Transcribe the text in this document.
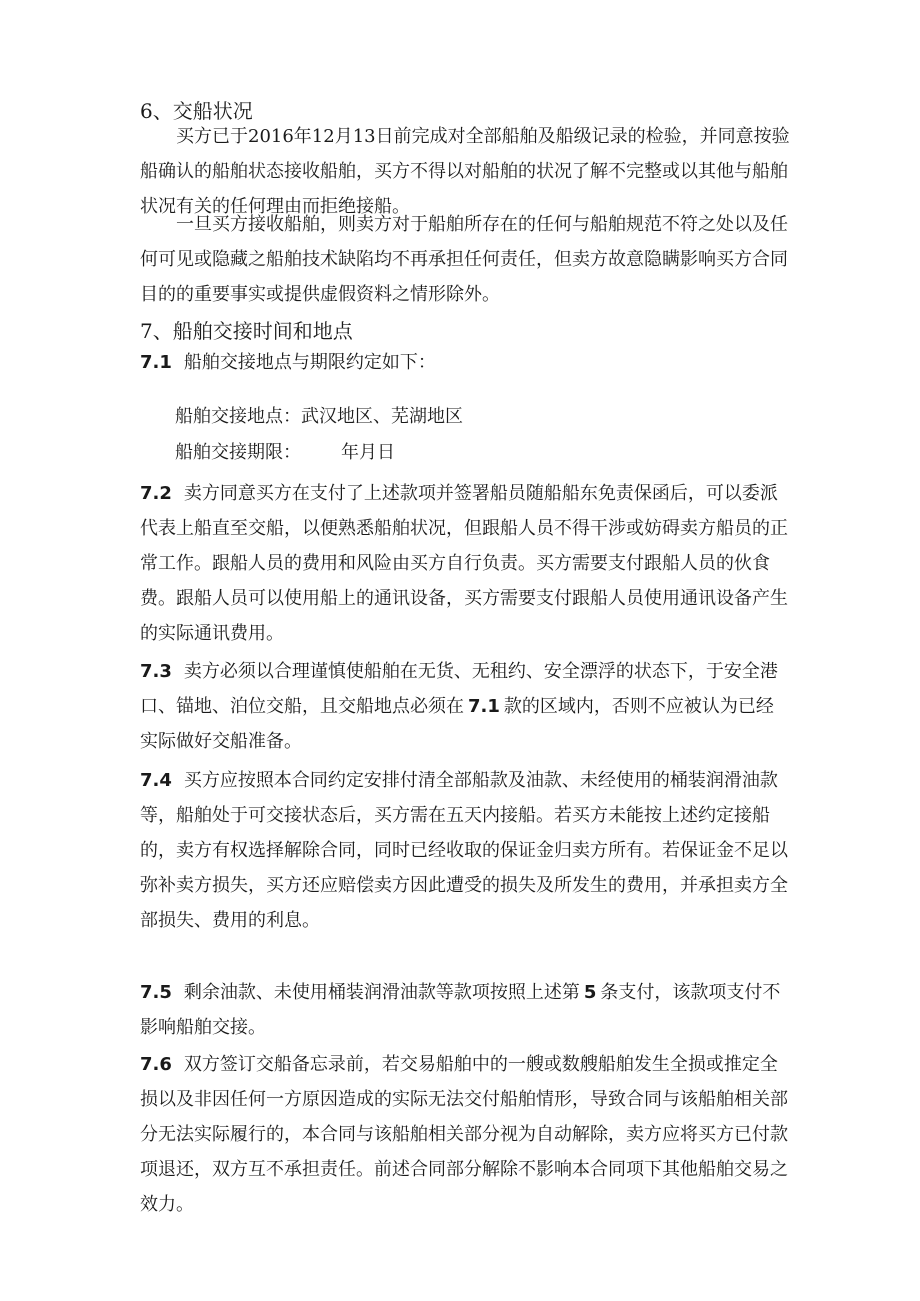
6、交船状况
买方已于2016年12月13日前完成对全部船舶及船级记录的检验，并同意按验船确认的船舶状态接收船舶，买方不得以对船舶的状况了解不完整或以其他与船舶状况有关的任何理由而拒绝接船。
一旦买方接收船舶，则卖方对于船舶所存在的任何与船舶规范不符之处以及任何可见或隐藏之船舶技术缺陷均不再承担任何责任，但卖方故意隐瞒影响买方合同目的的重要事实或提供虚假资料之情形除外。
7、船舶交接时间和地点
7.1 船舶交接地点与期限约定如下：
船舶交接地点：武汉地区、芜湖地区
船舶交接期限： 年月日
7.2 卖方同意买方在支付了上述款项并签署船员随船船东免责保函后，可以委派代表上船直至交船，以便熟悉船舶状况，但跟船人员不得干涉或妨碍卖方船员的正常工作。跟船人员的费用和风险由买方自行负责。买方需要支付跟船人员的伙食费。跟船人员可以使用船上的通讯设备，买方需要支付跟船人员使用通讯设备产生的实际通讯费用。
7.3 卖方必须以合理谨慎使船舶在无货、无租约、安全漂浮的状态下，于安全港口、锚地、泊位交船，且交船地点必须在 7.1 款的区域内，否则不应被认为已经实际做好交船准备。
7.4 买方应按照本合同约定安排付清全部船款及油款、未经使用的桶装润滑油款等，船舶处于可交接状态后，买方需在五天内接船。若买方未能按上述约定接船的，卖方有权选择解除合同，同时已经收取的保证金归卖方所有。若保证金不足以弥补卖方损失，买方还应赔偿卖方因此遭受的损失及所发生的费用，并承担卖方全部损失、费用的利息。
7.5 剩余油款、未使用桶装润滑油款等款项按照上述第 5 条支付，该款项支付不影响船舶交接。
7.6 双方签订交船备忘录前，若交易船舶中的一艘或数艘船舶发生全损或推定全损以及非因任何一方原因造成的实际无法交付船舶情形，导致合同与该船舶相关部分无法实际履行的，本合同与该船舶相关部分视为自动解除，卖方应将买方已付款项退还，双方互不承担责任。前述合同部分解除不影响本合同项下其他船舶交易之效力。
